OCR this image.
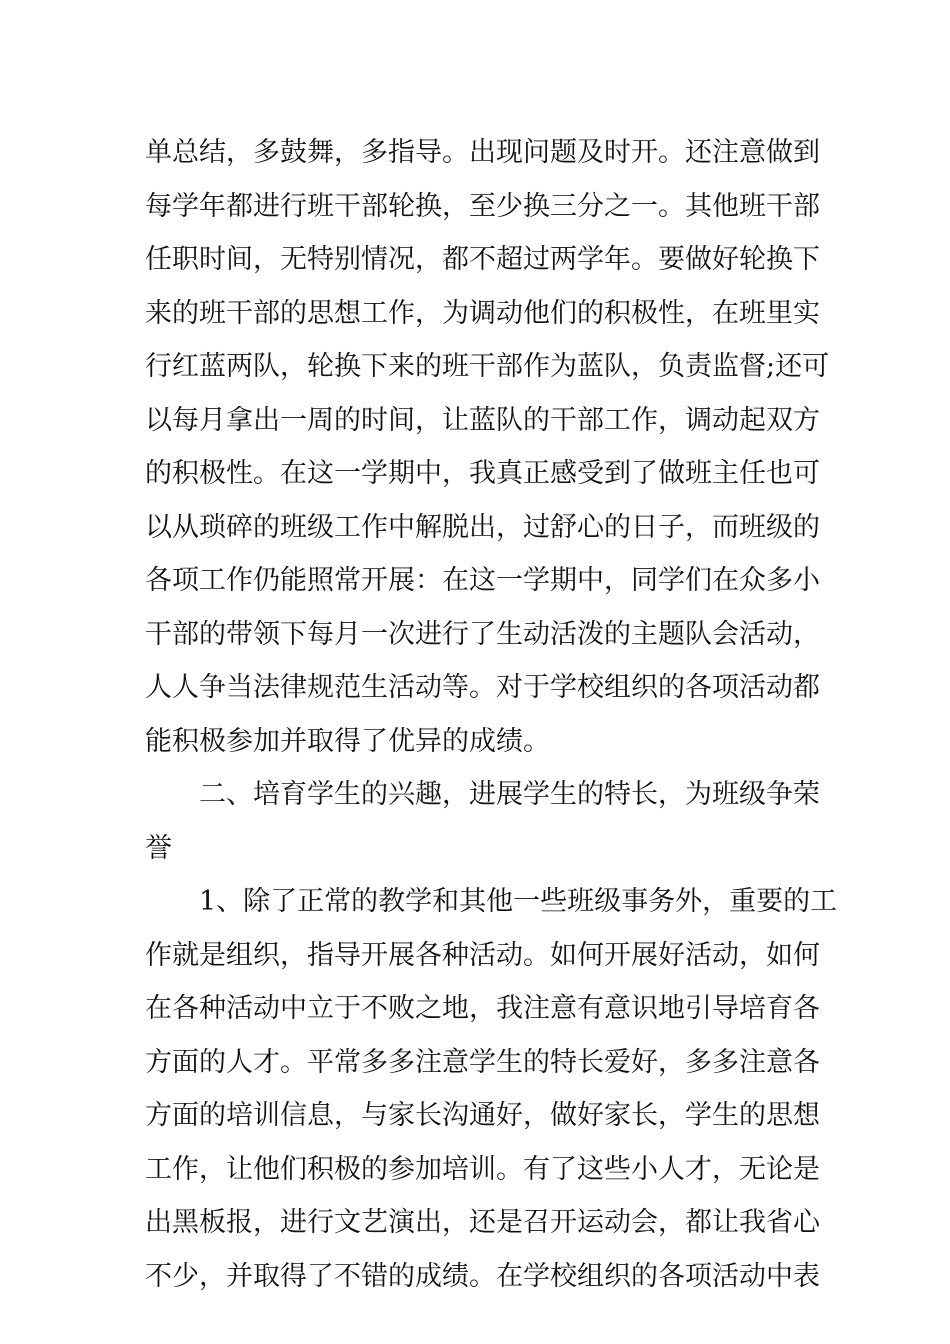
单总结，多鼓舞，多指导。出现问题及时开。还注意做到
每学年都进行班干部轮换，至少换三分之一。其他班干部
任职时间，无特别情况，都不超过两学年。要做好轮换下
来的班干部的思想工作，为调动他们的积极性，在班里实
行红蓝两队，轮换下来的班干部作为蓝队，负责监督;还可
以每月拿出一周的时间，让蓝队的干部工作，调动起双方
的积极性。在这一学期中，我真正感受到了做班主任也可
以从琐碎的班级工作中解脱出，过舒心的日子，而班级的
各项工作仍能照常开展：在这一学期中，同学们在众多小
干部的带领下每月一次进行了生动活泼的主题队会活动，
人人争当法律规范生活动等。对于学校组织的各项活动都
能积极参加并取得了优异的成绩。
二、培育学生的兴趣，进展学生的特长，为班级争荣
誉
1、除了正常的教学和其他一些班级事务外，重要的工
作就是组织，指导开展各种活动。如何开展好活动，如何
在各种活动中立于不败之地，我注意有意识地引导培育各
方面的人才。平常多多注意学生的特长爱好，多多注意各
方面的培训信息，与家长沟通好，做好家长，学生的思想
工作，让他们积极的参加培训。有了这些小人才，无论是
出黑板报，进行文艺演出，还是召开运动会，都让我省心
不少，并取得了不错的成绩。在学校组织的各项活动中表
